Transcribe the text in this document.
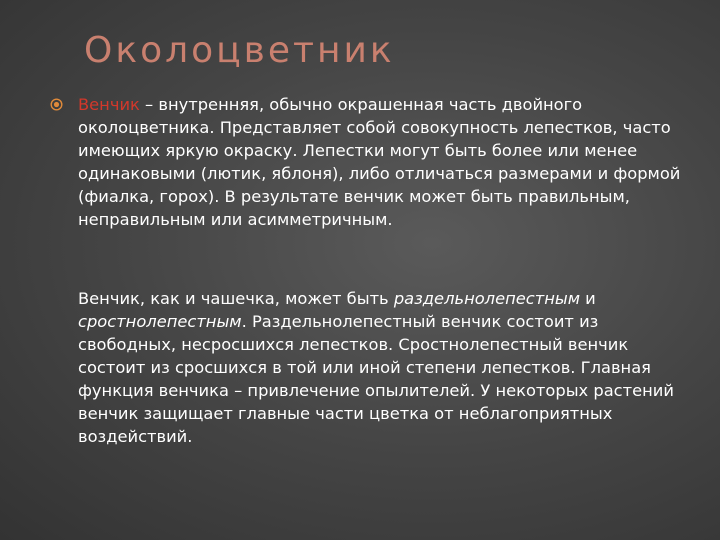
Околоцветник

Венчик – внутренняя, обычно окрашенная часть двойного околоцветника. Представляет собой совокупность лепестков, часто имеющих яркую окраску. Лепестки могут быть более или менее одинаковыми (лютик, яблоня), либо отличаться размерами и формой (фиалка, горох). В результате венчик может быть правильным, неправильным или асимметричным.

Венчик, как и чашечка, может быть раздельнолепестным и сростнолепестным. Раздельнолепестный венчик состоит из свободных, несросшихся лепестков. Сростнолепестный венчик состоит из сросшихся в той или иной степени лепестков. Главная функция венчика – привлечение опылителей. У некоторых растений венчик защищает главные части цветка от неблагоприятных воздействий.
